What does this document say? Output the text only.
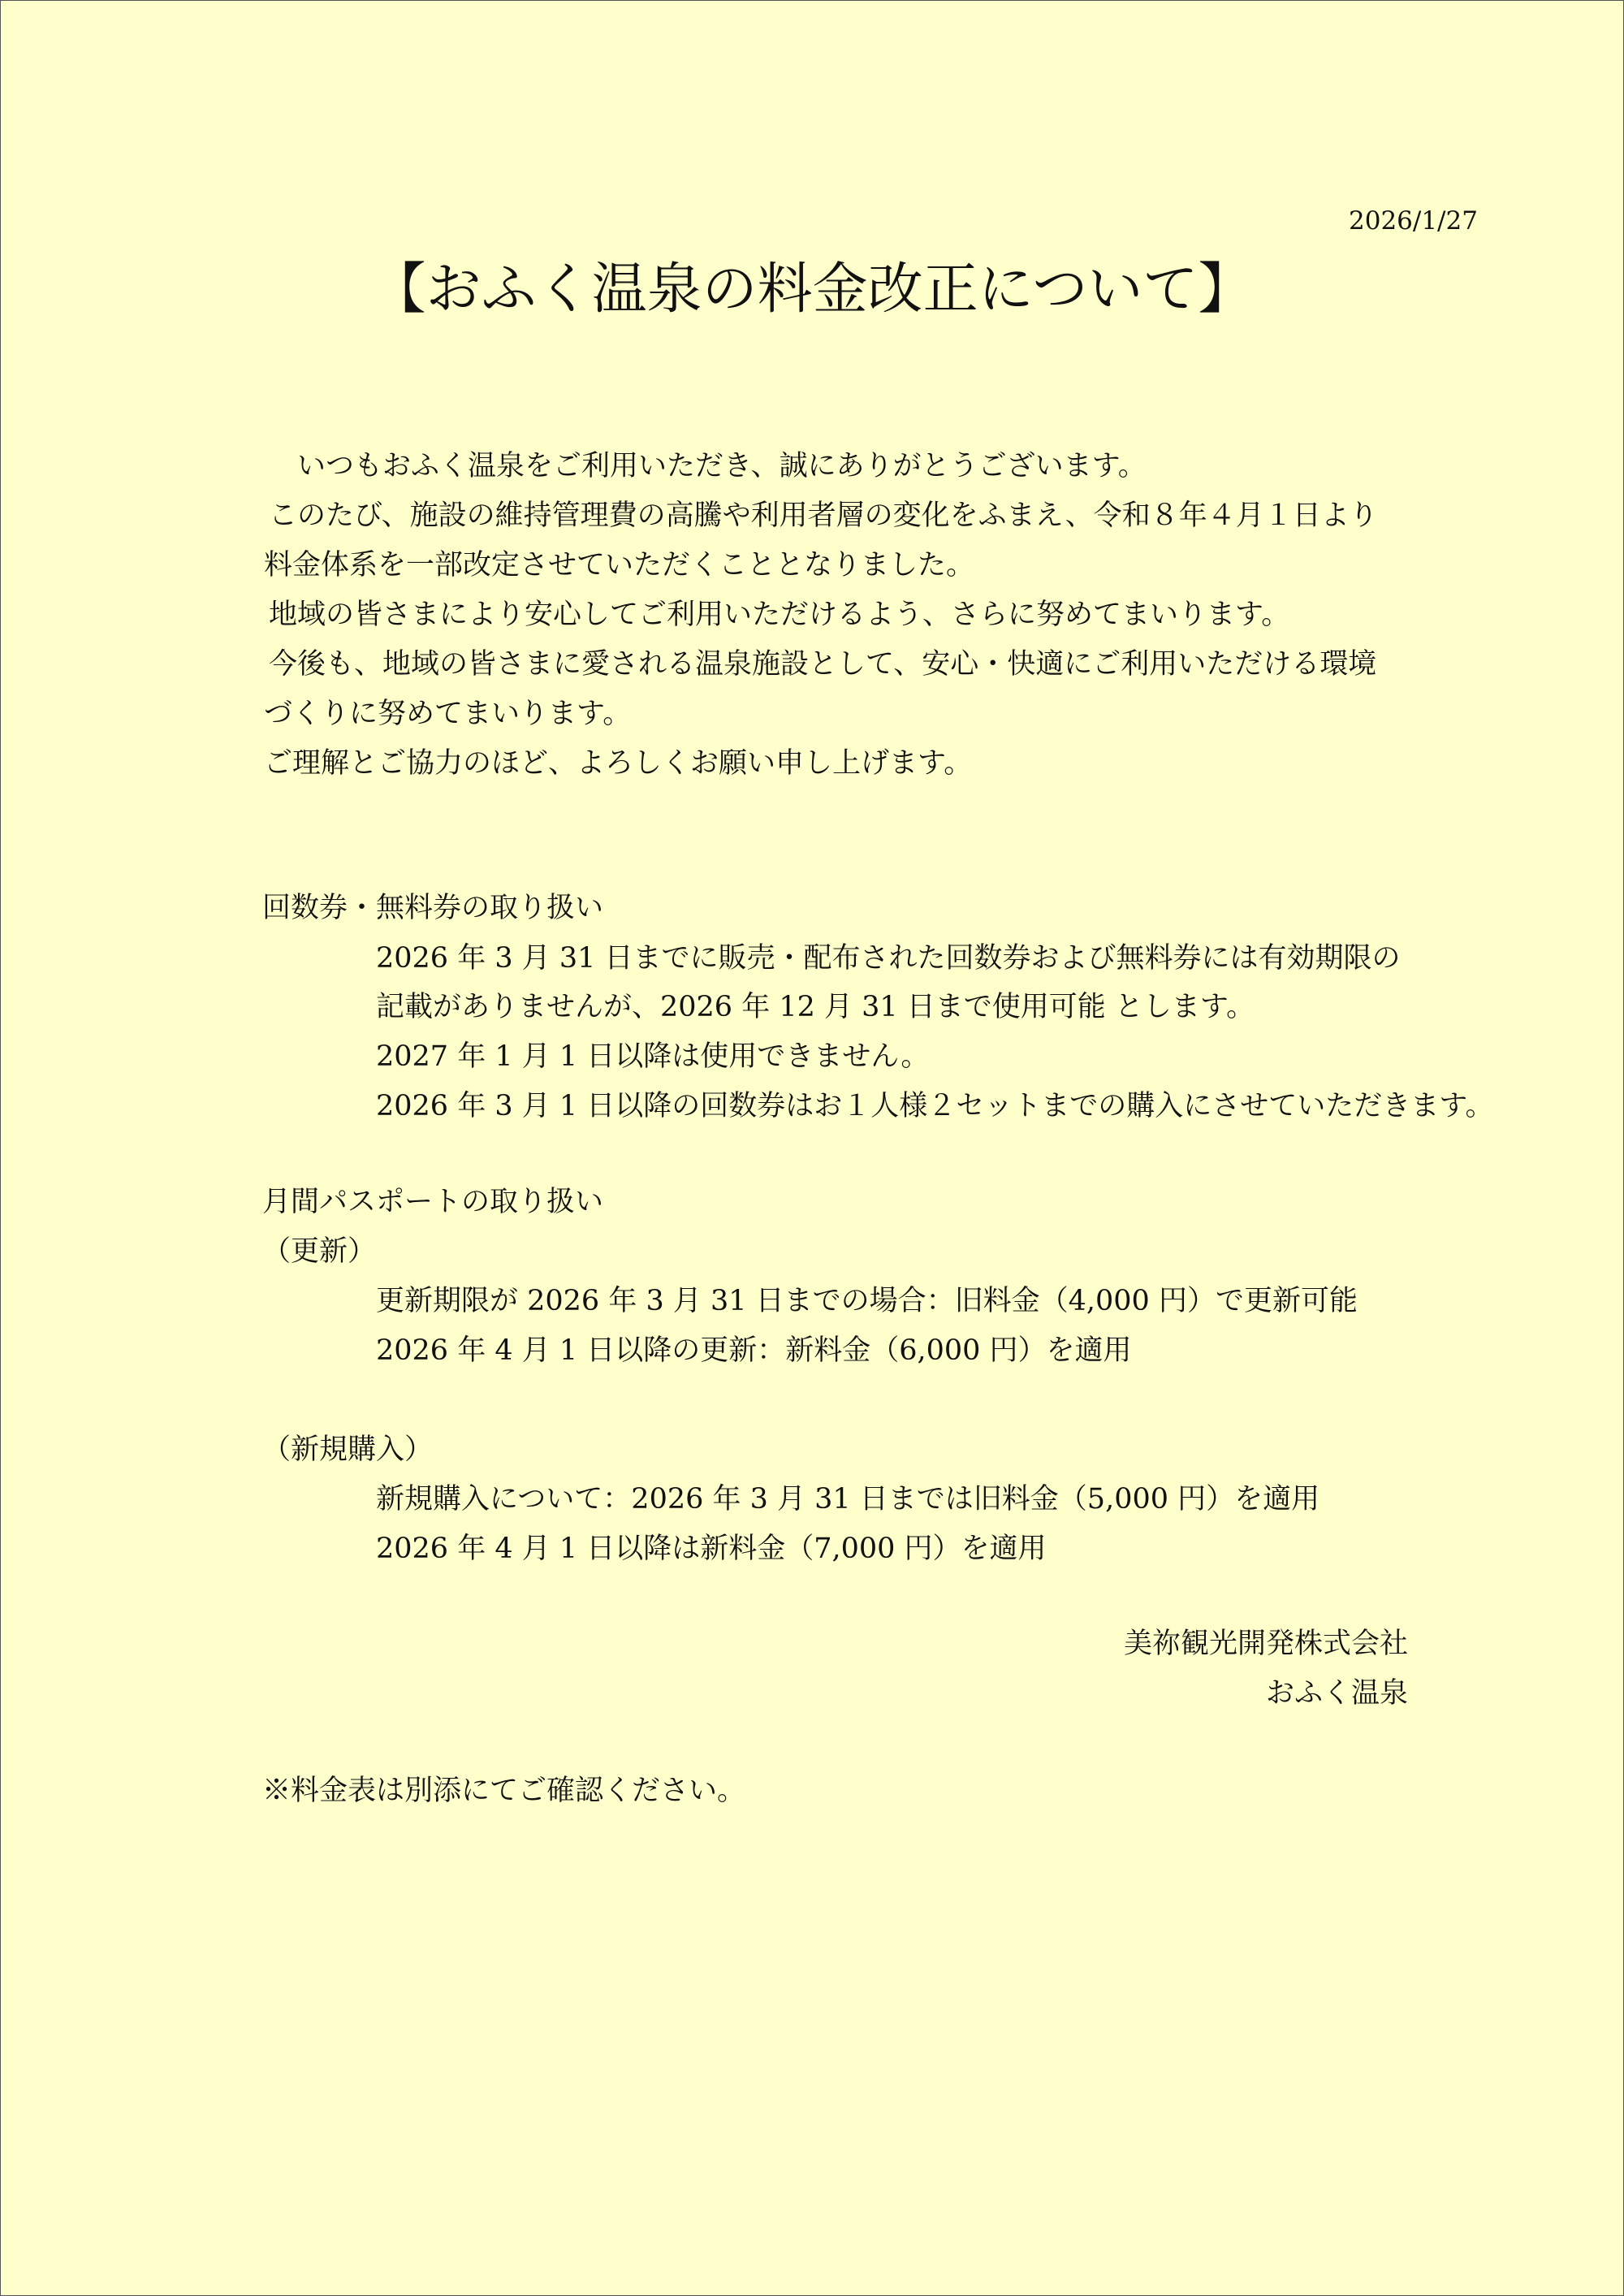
2026/1/27
【おふく温泉の料金改正について】
　いつもおふく温泉をご利用いただき、誠にありがとうございます。
このたび、施設の維持管理費の高騰や利用者層の変化をふまえ、令和８年４月１日より
料金体系を一部改定させていただくこととなりました。
地域の皆さまにより安心してご利用いただけるよう、さらに努めてまいります。
今後も、地域の皆さまに愛される温泉施設として、安心・快適にご利用いただける環境
づくりに努めてまいります。
ご理解とご協力のほど、よろしくお願い申し上げます。
回数券・無料券の取り扱い
2026 年 3 月 31 日までに販売・配布された回数券および無料券には有効期限の
記載がありませんが、2026 年 12 月 31 日まで使用可能 とします。
2027 年 1 月 1 日以降は使用できません。
2026 年 3 月 1 日以降の回数券はお１人様２セットまでの購入にさせていただきます。
月間パスポートの取り扱い
（更新）
更新期限が 2026 年 3 月 31 日までの場合：旧料金（4,000 円）で更新可能
2026 年 4 月 1 日以降の更新：新料金（6,000 円）を適用
（新規購入）
新規購入について：2026 年 3 月 31 日までは旧料金（5,000 円）を適用
2026 年 4 月 1 日以降は新料金（7,000 円）を適用
美祢観光開発株式会社
おふく温泉
※料金表は別添にてご確認ください。
